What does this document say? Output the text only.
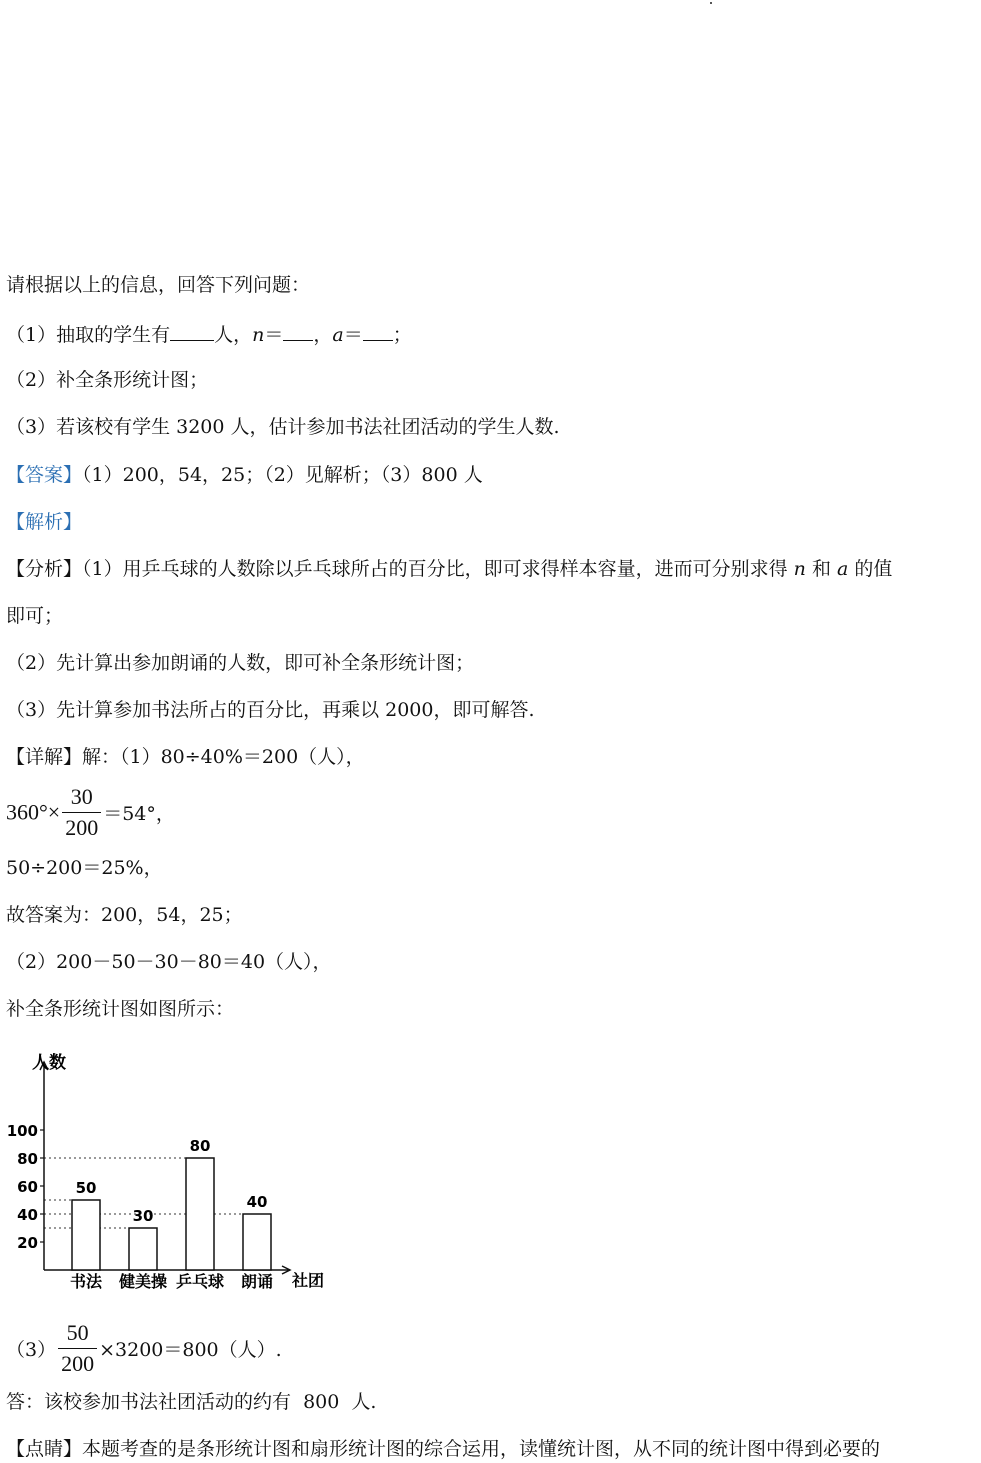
请根据以上的信息，回答下列问题：
（1）抽取的学生有 人，n＝ ，a＝ ；
（2）补全条形统计图；
（3）若该校有学生 3200 人，估计参加书法社团活动的学生人数.
【答案】（1）200，54，25；（2）见解析；（3）800 人
【解析】
【分析】（1）用乒乓球的人数除以乒乓球所占的百分比，即可求得样本容量，进而可分别求得 n 和 a 的值
即可；
（2）先计算出参加朗诵的人数，即可补全条形统计图；
（3）先计算参加书法所占的百分比，再乘以 2000，即可解答.
【详解】解：（1）80÷40%＝200（人），
$360^\circ\times \frac{30}{200} =54^\circ$，
50÷200＝25%，
故答案为：200，54，25；
（2）200－50－30－80＝40（人），
补全条形统计图如图所示：
20
40
60
80
100
50
书法
30
健美操
80
乒乓球
40
朗诵
人数
社团
$(3) \frac{50}{200} \times 3200=800$（人）.
答：该校参加书法社团活动的约有  800  人.
【点睛】本题考查的是条形统计图和扇形统计图的综合运用，读懂统计图，从不同的统计图中得到必要的
